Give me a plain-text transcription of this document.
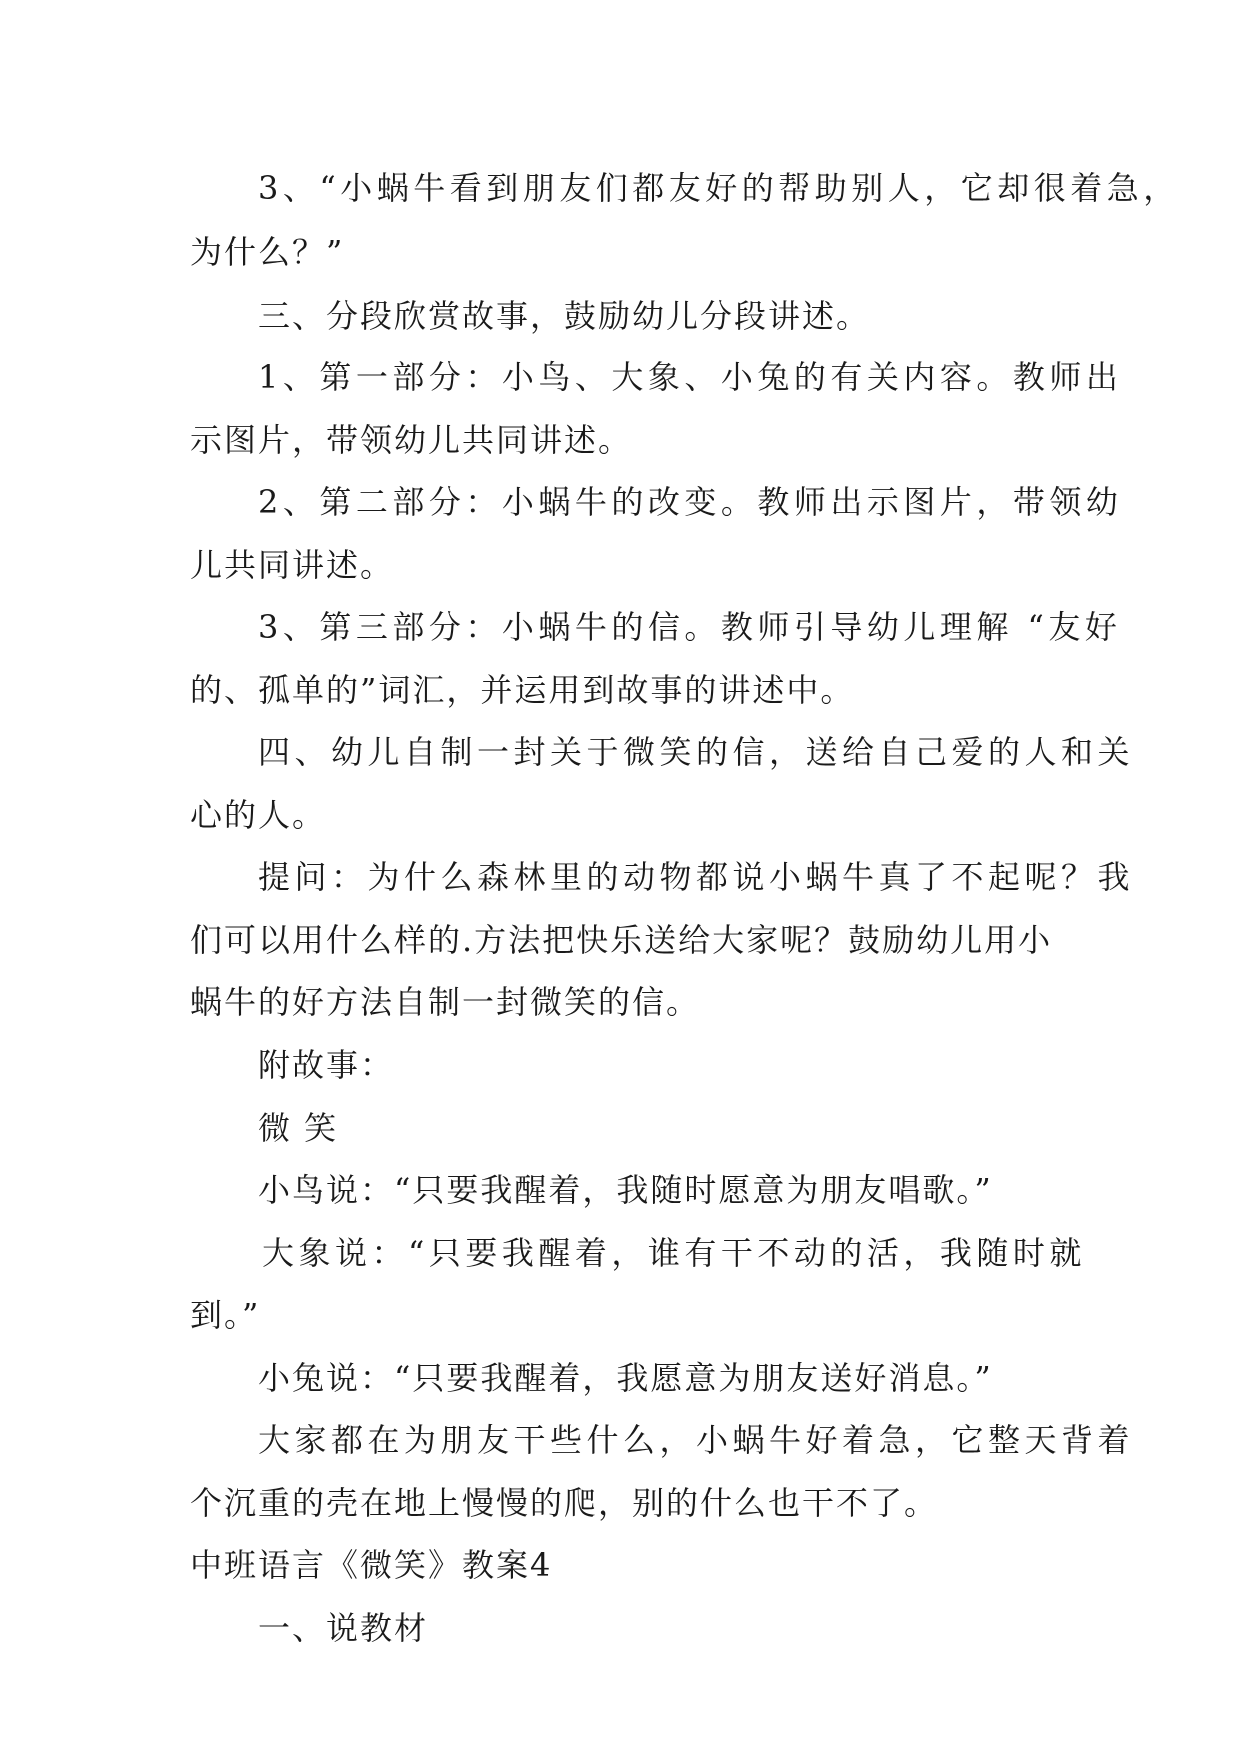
3、“小蜗牛看到朋友们都友好的帮助别人，它却很着急，
为什么？”
三、分段欣赏故事，鼓励幼儿分段讲述。
1、第一部分：小鸟、大象、小兔的有关内容。教师出
示图片，带领幼儿共同讲述。
2、第二部分：小蜗牛的改变。教师出示图片，带领幼
儿共同讲述。
3、第三部分：小蜗牛的信。教师引导幼儿理解 “友好
的、孤单的”词汇，并运用到故事的讲述中。
四、幼儿自制一封关于微笑的信，送给自己爱的人和关
心的人。
提问：为什么森林里的动物都说小蜗牛真了不起呢？我
们可以用什么样的.方法把快乐送给大家呢？鼓励幼儿用小
蜗牛的好方法自制一封微笑的信。
附故事：
微 笑
小鸟说：“只要我醒着，我随时愿意为朋友唱歌。”
大象说：“只要我醒着，谁有干不动的活，我随时就
到。”
小兔说：“只要我醒着，我愿意为朋友送好消息。”
大家都在为朋友干些什么，小蜗牛好着急，它整天背着
个沉重的壳在地上慢慢的爬，别的什么也干不了。
中班语言《微笑》教案4
一、说教材
